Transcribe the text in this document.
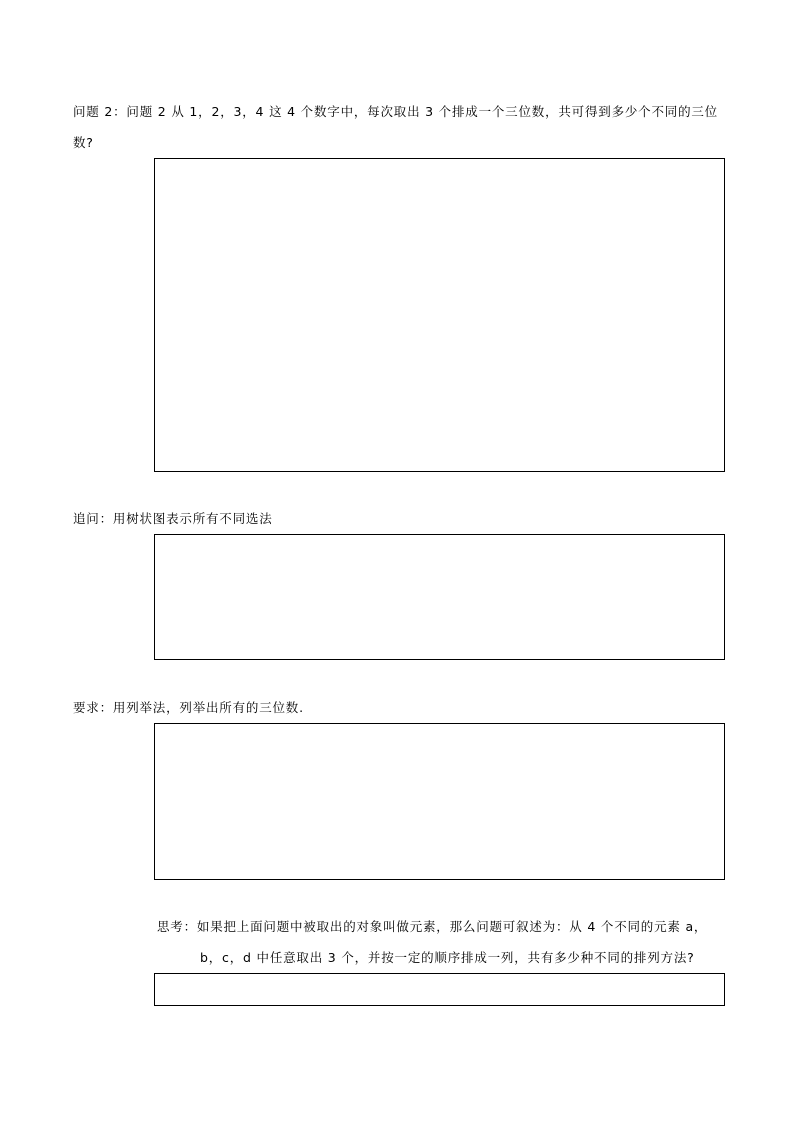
问题 2：问题 2 从 1，2，3，4 这 4 个数字中，每次取出 3 个排成一个三位数，共可得到多少个不同的三位
数?
追问：用树状图表示所有不同选法
要求：用列举法，列举出所有的三位数.
思考：如果把上面问题中被取出的对象叫做元素，那么问题可叙述为：从 4 个不同的元素 a，
b，c，d 中任意取出 3 个，并按一定的顺序排成一列，共有多少种不同的排列方法?
